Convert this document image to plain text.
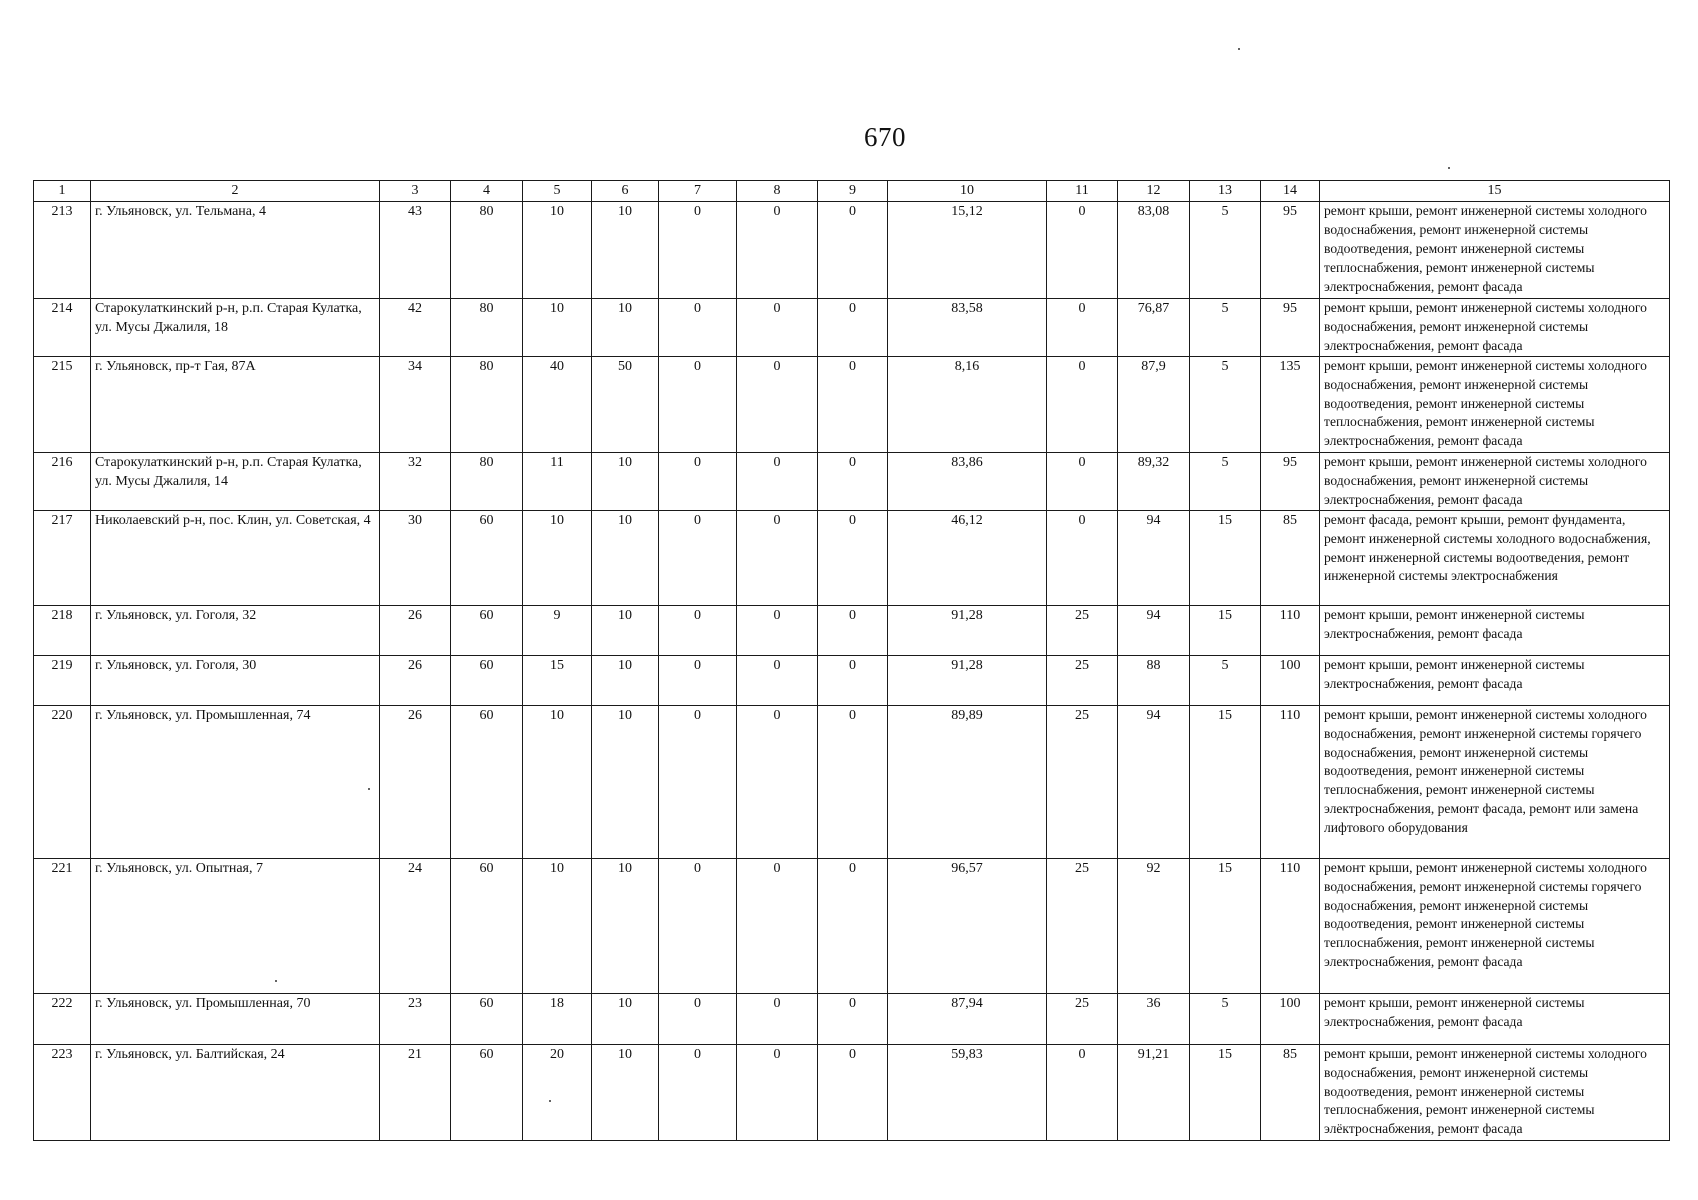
670
1	2	3	4	5	6	7	8	9	10	11	12	13	14	15
213	г. Ульяновск, ул. Тельмана, 4	43	80	10	10	0	0	0	15,12	0	83,08	5	95	ремонт крыши, ремонт инженерной системы холодного водоснабжения, ремонт инженерной системы водоотведения, ремонт инженерной системы теплоснабжения, ремонт инженерной системы электроснабжения, ремонт фасада
214	Старокулаткинский р-н, р.п. Старая Кулатка, ул. Мусы Джалиля, 18	42	80	10	10	0	0	0	83,58	0	76,87	5	95	ремонт крыши, ремонт инженерной системы холодного водоснабжения, ремонт инженерной системы электроснабжения, ремонт фасада
215	г. Ульяновск, пр-т Гая, 87А	34	80	40	50	0	0	0	8,16	0	87,9	5	135	ремонт крыши, ремонт инженерной системы холодного водоснабжения, ремонт инженерной системы водоотведения, ремонт инженерной системы теплоснабжения, ремонт инженерной системы электроснабжения, ремонт фасада
216	Старокулаткинский р-н, р.п. Старая Кулатка, ул. Мусы Джалиля, 14	32	80	11	10	0	0	0	83,86	0	89,32	5	95	ремонт крыши, ремонт инженерной системы холодного водоснабжения, ремонт инженерной системы электроснабжения, ремонт фасада
217	Николаевский р-н, пос. Клин, ул. Советская, 4	30	60	10	10	0	0	0	46,12	0	94	15	85	ремонт фасада, ремонт крыши, ремонт фундамента, ремонт инженерной системы холодного водоснабжения, ремонт инженерной системы водоотведения, ремонт инженерной системы электроснабжения
218	г. Ульяновск, ул. Гоголя, 32	26	60	9	10	0	0	0	91,28	25	94	15	110	ремонт крыши, ремонт инженерной системы электроснабжения, ремонт фасада
219	г. Ульяновск, ул. Гоголя, 30	26	60	15	10	0	0	0	91,28	25	88	5	100	ремонт крыши, ремонт инженерной системы электроснабжения, ремонт фасада
220	г. Ульяновск, ул. Промышленная, 74	26	60	10	10	0	0	0	89,89	25	94	15	110	ремонт крыши, ремонт инженерной системы холодного водоснабжения, ремонт инженерной системы горячего водоснабжения, ремонт инженерной системы водоотведения, ремонт инженерной системы теплоснабжения, ремонт инженерной системы электроснабжения, ремонт фасада, ремонт или замена лифтового оборудования
221	г. Ульяновск, ул. Опытная, 7	24	60	10	10	0	0	0	96,57	25	92	15	110	ремонт крыши, ремонт инженерной системы холодного водоснабжения, ремонт инженерной системы горячего водоснабжения, ремонт инженерной системы водоотведения, ремонт инженерной системы теплоснабжения, ремонт инженерной системы электроснабжения, ремонт фасада
222	г. Ульяновск, ул. Промышленная, 70	23	60	18	10	0	0	0	87,94	25	36	5	100	ремонт крыши, ремонт инженерной системы электроснабжения, ремонт фасада
223	г. Ульяновск, ул. Балтийская, 24	21	60	20	10	0	0	0	59,83	0	91,21	15	85	ремонт крыши, ремонт инженерной системы холодного водоснабжения, ремонт инженерной системы водоотведения, ремонт инженерной системы теплоснабжения, ремонт инженерной системы элёктроснабжения, ремонт фасада
